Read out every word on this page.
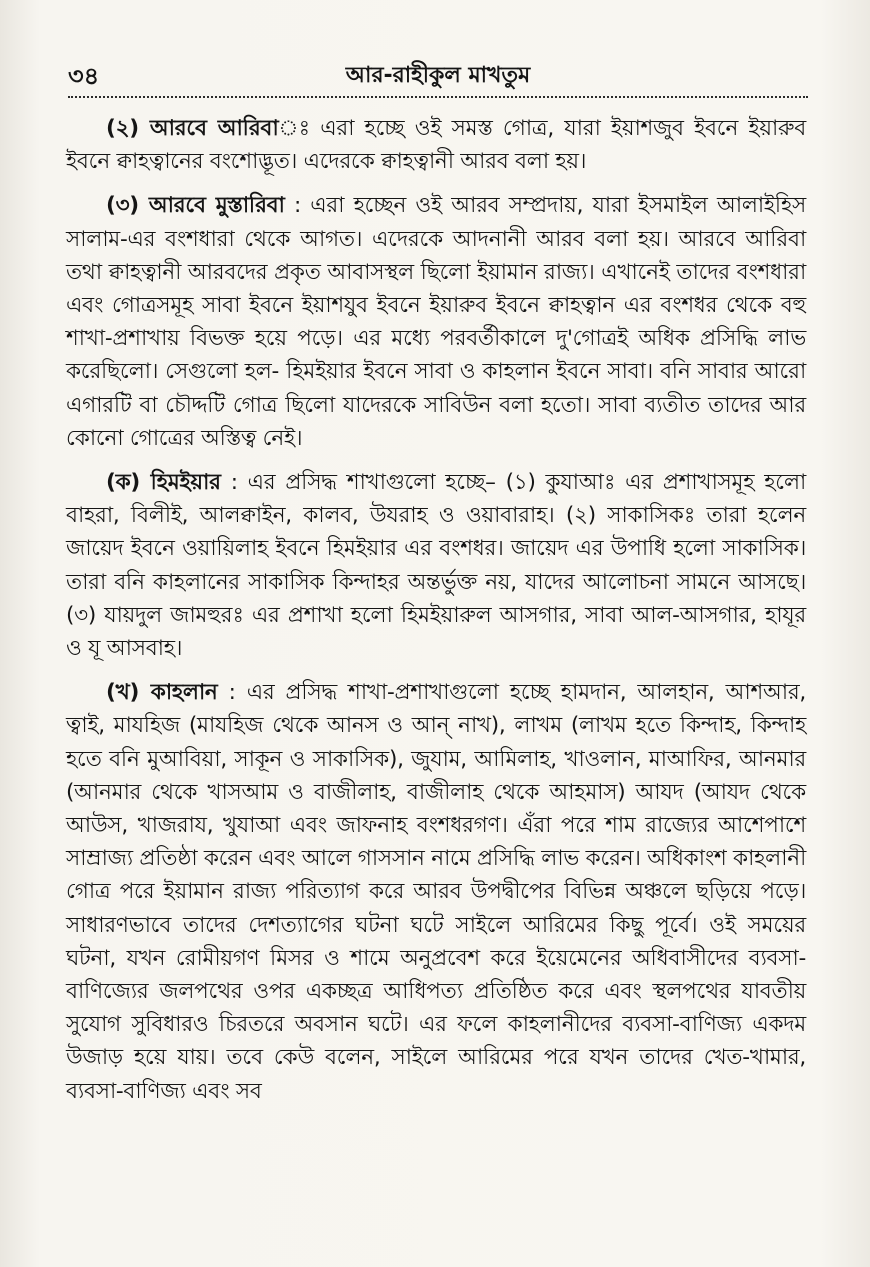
৩৪	আর-রাহীকুল মাখতুম

(২) আরবে আরিবাঃ এরা হচ্ছে ওই সমস্ত গোত্র, যারা ইয়াশজুব ইবনে ইয়ারুব ইবনে ক্বাহত্বানের বংশোদ্ভূত। এদেরকে ক্বাহত্বানী আরব বলা হয়।

(৩) আরবে মুস্তারিবা : এরা হচ্ছেন ওই আরব সম্প্রদায়, যারা ইসমাইল আলাইহিস সালাম-এর বংশধারা থেকে আগত। এদেরকে আদনানী আরব বলা হয়। আরবে আরিবা তথা ক্বাহত্বানী আরবদের প্রকৃত আবাসস্থল ছিলো ইয়ামান রাজ্য। এখানেই তাদের বংশধারা এবং গোত্রসমূহ সাবা ইবনে ইয়াশযুব ইবনে ইয়ারুব ইবনে ক্বাহত্বান এর বংশধর থেকে বহু শাখা-প্রশাখায় বিভক্ত হয়ে পড়ে। এর মধ্যে পরবর্তীকালে দু'গোত্রই অধিক প্রসিদ্ধি লাভ করেছিলো। সেগুলো হল- হিমইয়ার ইবনে সাবা ও কাহলান ইবনে সাবা। বনি সাবার আরো এগারটি বা চৌদ্দটি গোত্র ছিলো যাদেরকে সাবিউন বলা হতো। সাবা ব্যতীত তাদের আর কোনো গোত্রের অস্তিত্ব নেই।

(ক) হিমইয়ার : এর প্রসিদ্ধ শাখাগুলো হচ্ছে– (১) কুযাআঃ এর প্রশাখাসমূহ হলো বাহরা, বিলীই, আলক্বাইন, কালব, উযরাহ ও ওয়াবারাহ। (২) সাকাসিকঃ তারা হলেন জায়েদ ইবনে ওয়ায়িলাহ ইবনে হিমইয়ার এর বংশধর। জায়েদ এর উপাধি হলো সাকাসিক। তারা বনি কাহলানের সাকাসিক কিন্দাহর অন্তর্ভুক্ত নয়, যাদের আলোচনা সামনে আসছে। (৩) যায়দুল জামহুরঃ এর প্রশাখা হলো হিমইয়ারুল আসগার, সাবা আল-আসগার, হাযূর ও যূ আসবাহ।

(খ) কাহলান : এর প্রসিদ্ধ শাখা-প্রশাখাগুলো হচ্ছে হামদান, আলহান, আশআর, ত্বাই, মাযহিজ (মাযহিজ থেকে আনস ও আন্ নাখ), লাখম (লাখম হতে কিন্দাহ, কিন্দাহ হতে বনি মুআবিয়া, সাকূন ও সাকাসিক), জুযাম, আমিলাহ, খাওলান, মাআফির, আনমার (আনমার থেকে খাসআম ও বাজীলাহ, বাজীলাহ থেকে আহমাস) আযদ (আযদ থেকে আউস, খাজরায, খুযাআ এবং জাফনাহ বংশধরগণ। এঁরা পরে শাম রাজ্যের আশেপাশে সাম্রাজ্য প্রতিষ্ঠা করেন এবং আলে গাসসান নামে প্রসিদ্ধি লাভ করেন। অধিকাংশ কাহলানী গোত্র পরে ইয়ামান রাজ্য পরিত্যাগ করে আরব উপদ্বীপের বিভিন্ন অঞ্চলে ছড়িয়ে পড়ে। সাধারণভাবে তাদের দেশত্যাগের ঘটনা ঘটে সাইলে আরিমের কিছু পূর্বে। ওই সময়ের ঘটনা, যখন রোমীয়গণ মিসর ও শামে অনুপ্রবেশ করে ইয়েমেনের অধিবাসীদের ব্যবসা-বাণিজ্যের জলপথের ওপর একচ্ছত্র আধিপত্য প্রতিষ্ঠিত করে এবং স্থলপথের যাবতীয় সুযোগ সুবিধারও চিরতরে অবসান ঘটে। এর ফলে কাহলানীদের ব্যবসা-বাণিজ্য একদম উজাড় হয়ে যায়। তবে কেউ বলেন, সাইলে আরিমের পরে যখন তাদের খেত-খামার, ব্যবসা-বাণিজ্য এবং সব
